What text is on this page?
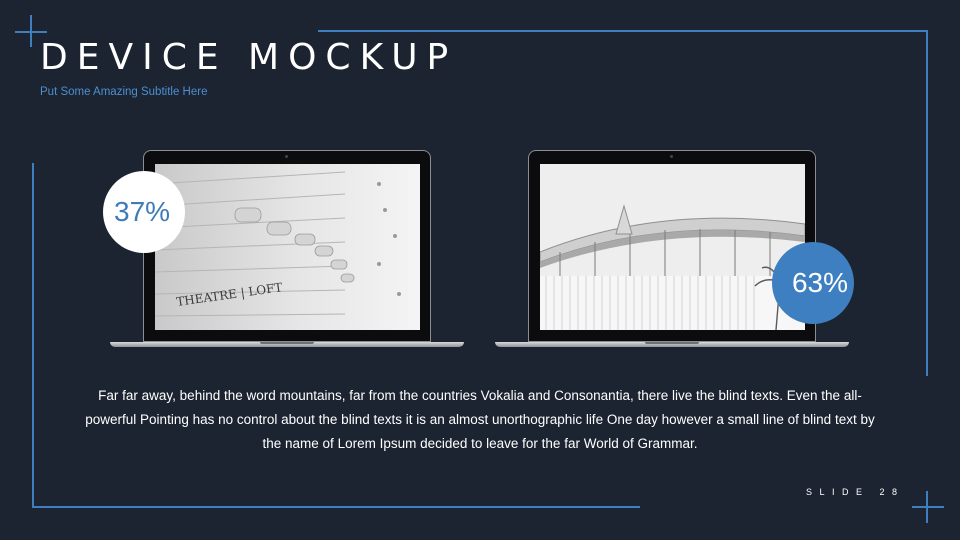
DEVICE MOCKUP
Put Some Amazing Subtitle Here
THEATRE | LOFT
37%
63%
Far far away, behind the word mountains, far from the countries Vokalia and Consonantia, there live the blind texts. Even the all-powerful Pointing has no control about the blind texts it is an almost unorthographic life One day however a small line of blind text by the name of Lorem Ipsum decided to leave for the far World of Grammar.
SLIDE 28
